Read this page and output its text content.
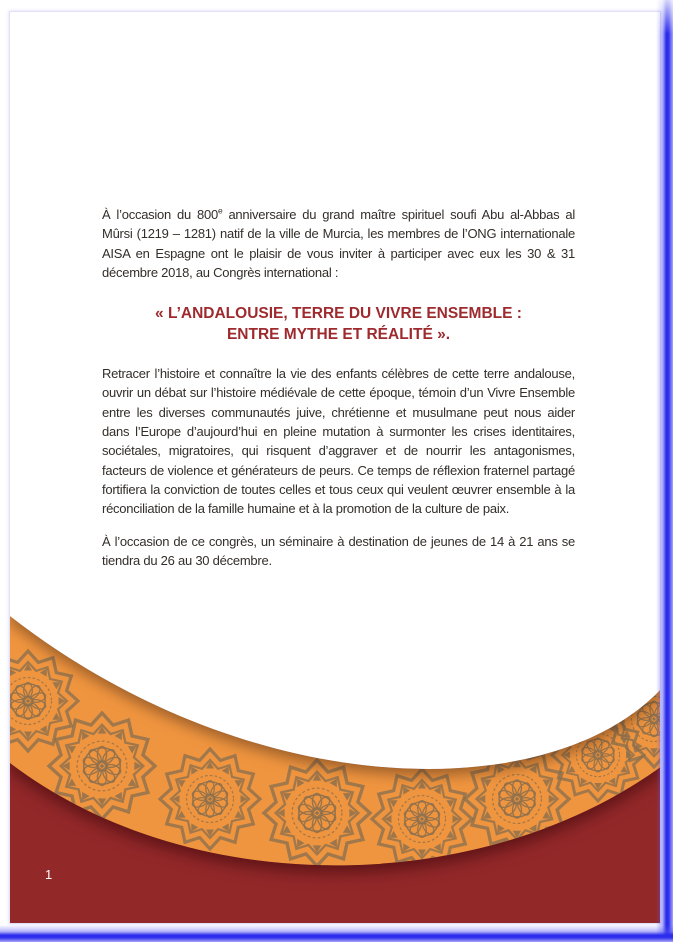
À l’occasion du 800e anniversaire du grand maître spirituel soufi Abu al-Abbas al Mûrsi (1219 – 1281) natif de la ville de Murcia, les membres de l’ONG internationale AISA en Espagne ont le plaisir de vous inviter à participer avec eux les 30 & 31 décembre 2018, au Congrès international :

« L’ANDALOUSIE, TERRE DU VIVRE ENSEMBLE :
ENTRE MYTHE ET RÉALITÉ ».

Retracer l’histoire et connaître la vie des enfants célèbres de cette terre andalouse, ouvrir un débat sur l’histoire médiévale de cette époque, témoin d’un Vivre Ensemble entre les diverses communautés juive, chrétienne et musulmane peut nous aider dans l’Europe d’aujourd’hui en pleine mutation à surmonter les crises identitaires, sociétales, migratoires, qui risquent d’aggraver et de nourrir les antagonismes, facteurs de violence et générateurs de peurs. Ce temps de réflexion fraternel partagé fortifiera la conviction de toutes celles et tous ceux qui veulent œuvrer ensemble à la réconciliation de la famille humaine et à la promotion de la culture de paix.

À l’occasion de ce congrès, un séminaire à destination de jeunes de 14 à 21 ans se tiendra du 26 au 30 décembre.

1
